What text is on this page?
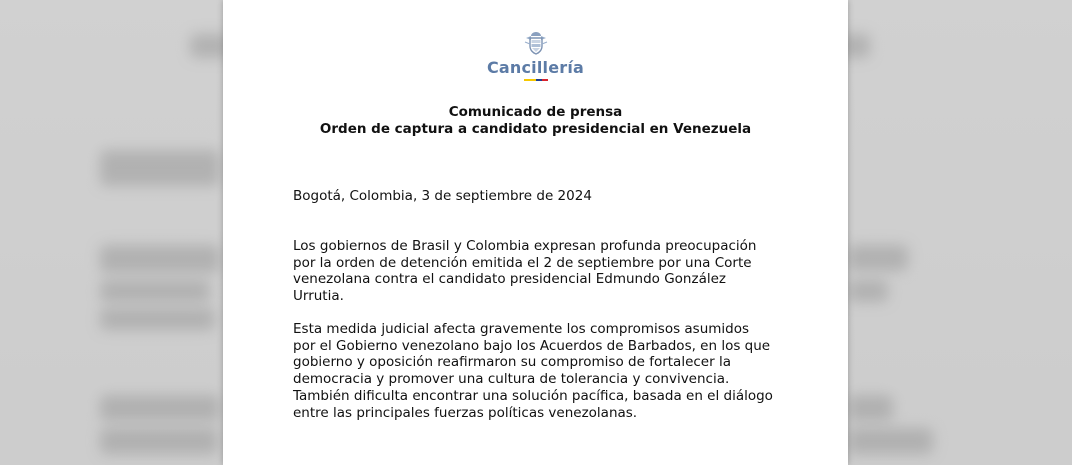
Cancillería
Comunicado de prensa
Orden de captura a candidato presidencial en Venezuela

Bogotá, Colombia, 3 de septiembre de 2024

Los gobiernos de Brasil y Colombia expresan profunda preocupación por la orden de detención emitida el 2 de septiembre por una Corte venezolana contra el candidato presidencial Edmundo González Urrutia.

Esta medida judicial afecta gravemente los compromisos asumidos por el Gobierno venezolano bajo los Acuerdos de Barbados, en los que gobierno y oposición reafirmaron su compromiso de fortalecer la democracia y promover una cultura de tolerancia y convivencia. También dificulta encontrar una solución pacífica, basada en el diálogo entre las principales fuerzas políticas venezolanas.
